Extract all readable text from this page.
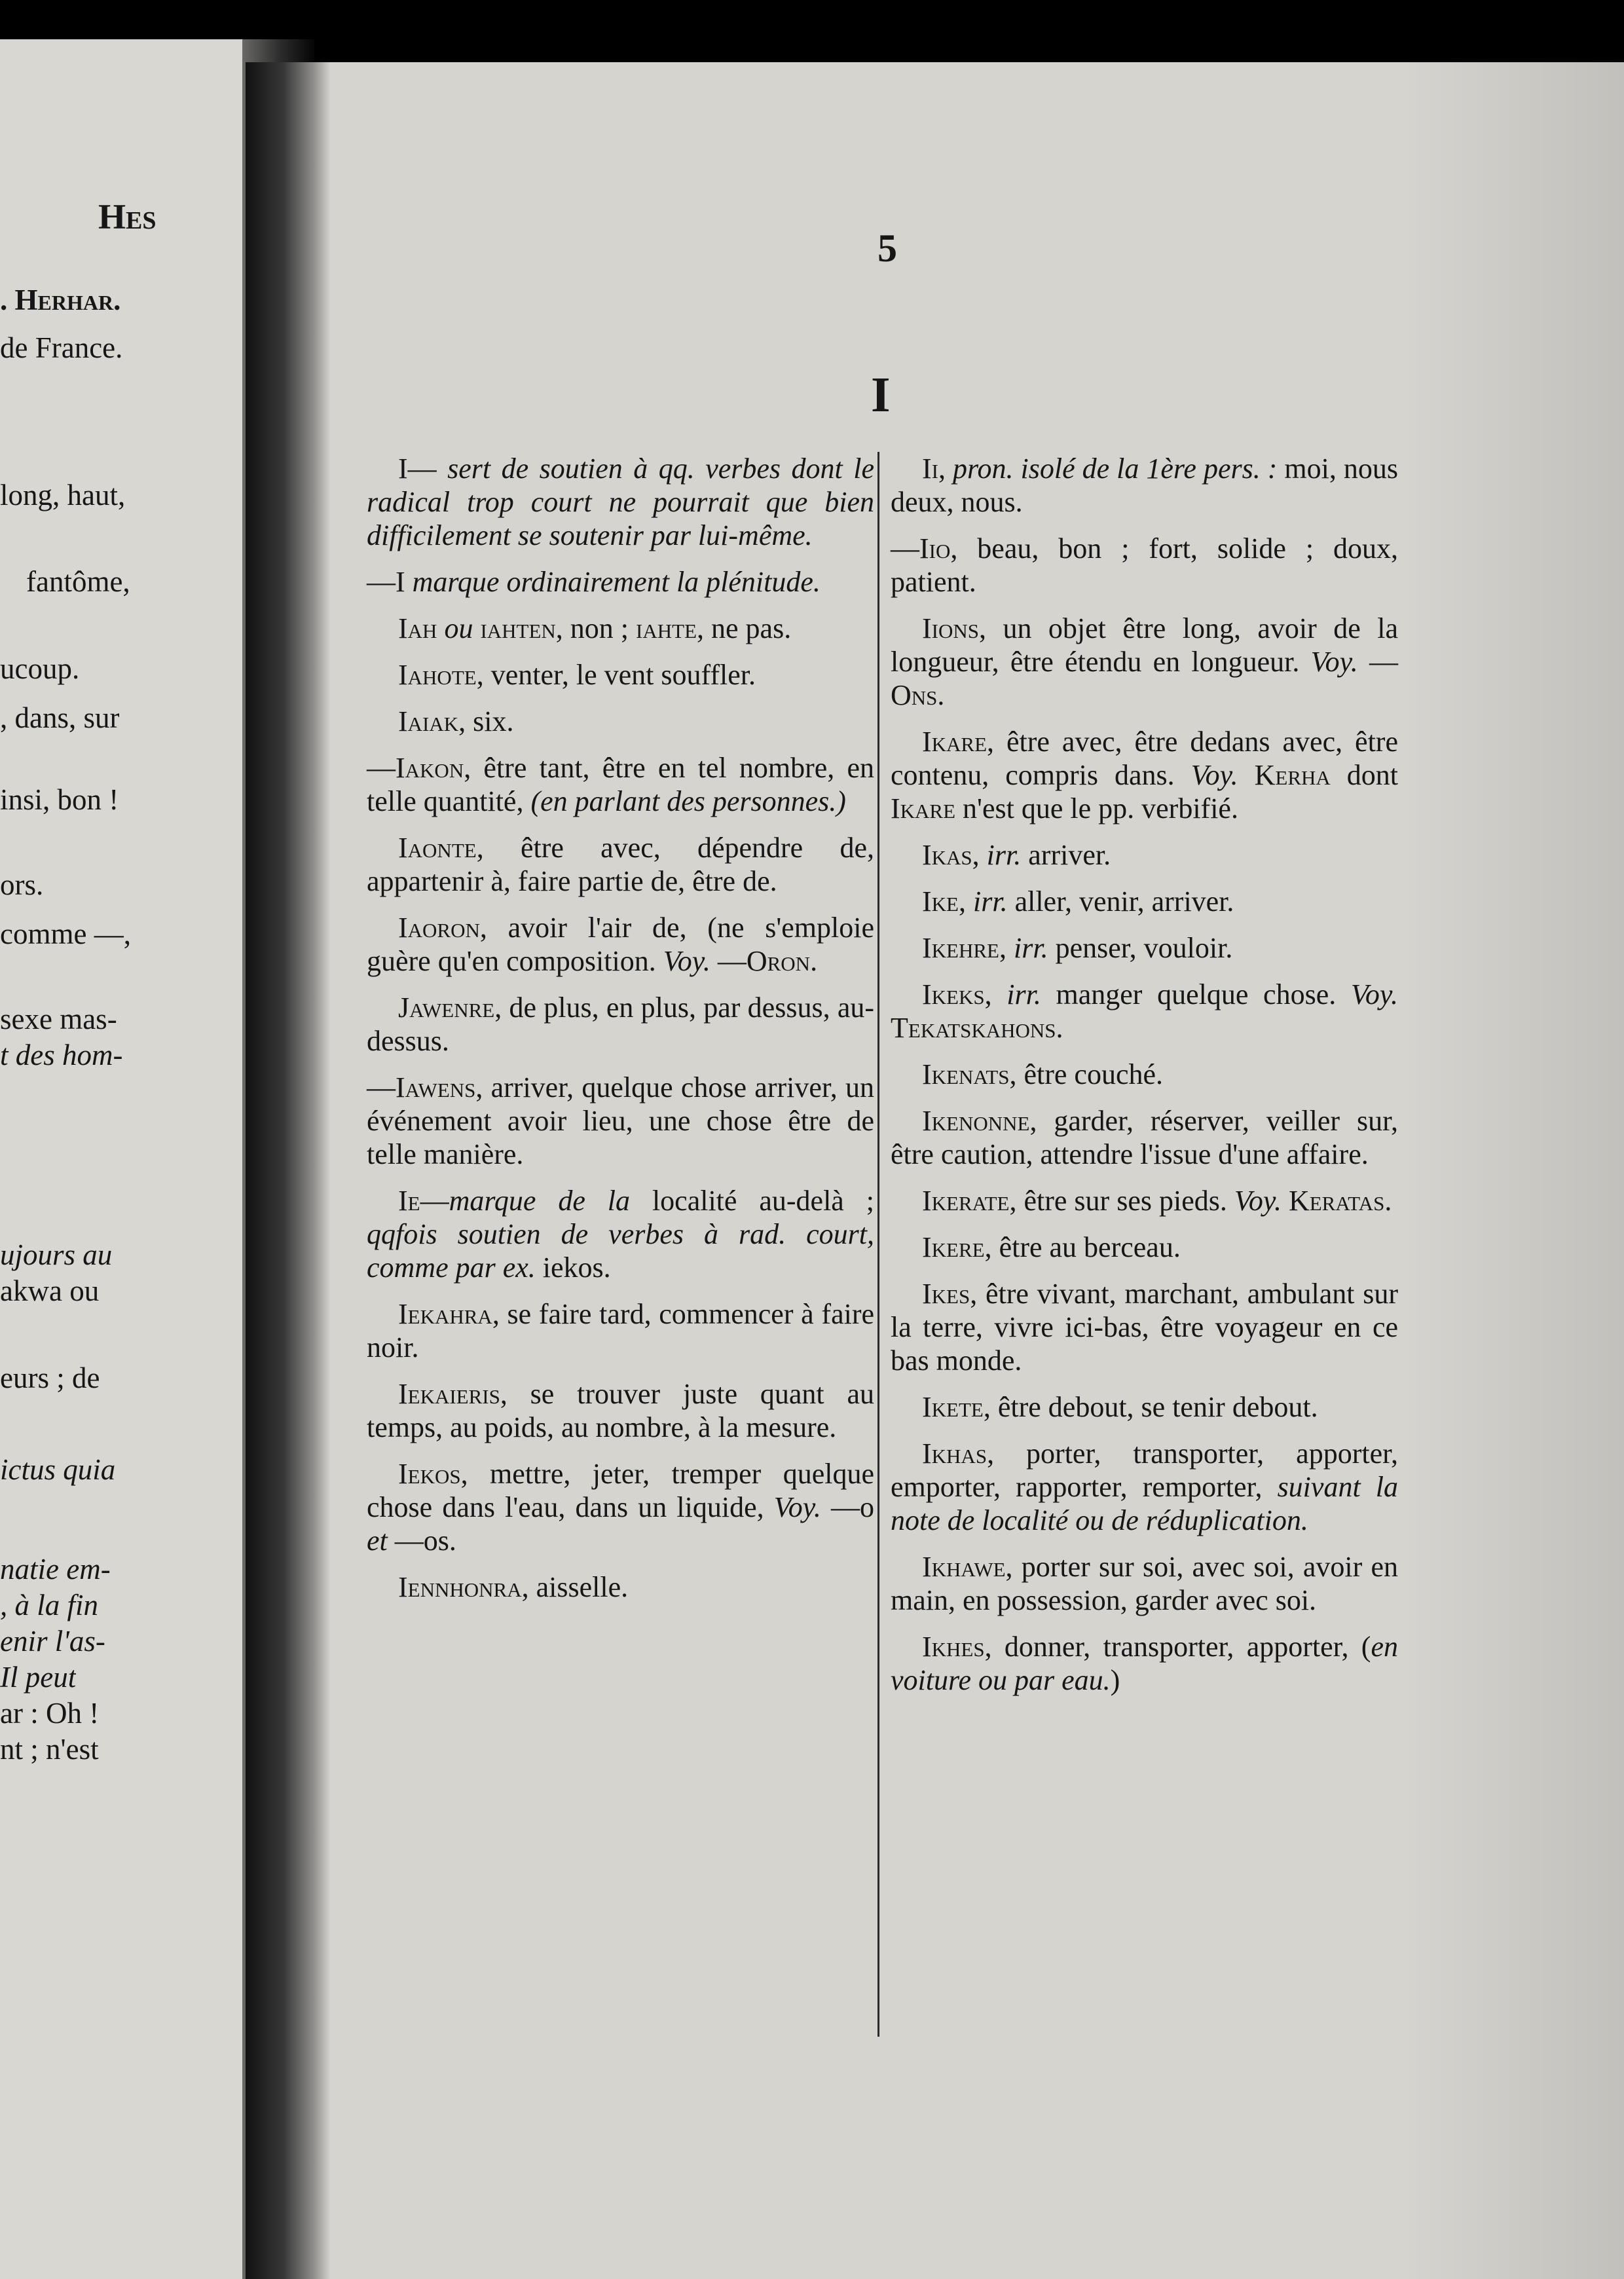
Hes
. Herhar.
de France.
long, haut,
fantôme,
ucoup.
, dans, sur
insi, bon !
ors.
comme —,
sexe mas-
t des hom-
ujours au
akwa ou
eurs ; de
ictus quia
natie em-
, à la fin
enir l'as-
Il peut
ar : Oh !
nt ; n'est
5
I

I— sert de soutien à qq. verbes dont le radical trop court ne pourrait que bien difficilement se soutenir par lui-même.

—I marque ordinairement la plénitude.

Iah ou iahten, non ; iahte, ne pas.

Iahote, venter, le vent souffler.

Iaiak, six.

—Iakon, être tant, être en tel nombre, en telle quantité, (en parlant des personnes.)

Iaonte, être avec, dépendre de, appartenir à, faire partie de, être de.

Iaoron, avoir l'air de, (ne s'emploie guère qu'en composition. Voy. —Oron.

Jawenre, de plus, en plus, par dessus, au-dessus.

—Iawens, arriver, quelque chose arriver, un événement avoir lieu, une chose être de telle manière.

Ie—marque de la localité au-delà ; qqfois soutien de verbes à rad. court, comme par ex. iekos.

Iekahra, se faire tard, commencer à faire noir.

Iekaieris, se trouver juste quant au temps, au poids, au nombre, à la mesure.

Iekos, mettre, jeter, tremper quelque chose dans l'eau, dans un liquide, Voy. —o et —os.

Iennhonra, aisselle.

Ii, pron. isolé de la 1ère pers. : moi, nous deux, nous.

—Iio, beau, bon ; fort, solide ; doux, patient.

Iions, un objet être long, avoir de la longueur, être étendu en longueur. Voy. —Ons.

Ikare, être avec, être dedans avec, être contenu, compris dans. Voy. Kerha dont Ikare n'est que le pp. verbifié.

Ikas, irr. arriver.

Ike, irr. aller, venir, arriver.

Ikehre, irr. penser, vouloir.

Ikeks, irr. manger quelque chose. Voy. Tekatskahons.

Ikenats, être couché.

Ikenonne, garder, réserver, veiller sur, être caution, attendre l'issue d'une affaire.

Ikerate, être sur ses pieds. Voy. Keratas.

Ikere, être au berceau.

Ikes, être vivant, marchant, ambulant sur la terre, vivre ici-bas, être voyageur en ce bas monde.

Ikete, être debout, se tenir debout.

Ikhas, porter, transporter, apporter, emporter, rapporter, remporter, suivant la note de localité ou de réduplication.

Ikhawe, porter sur soi, avec soi, avoir en main, en possession, garder avec soi.

Ikhes, donner, transporter, apporter, (en voiture ou par eau.)
